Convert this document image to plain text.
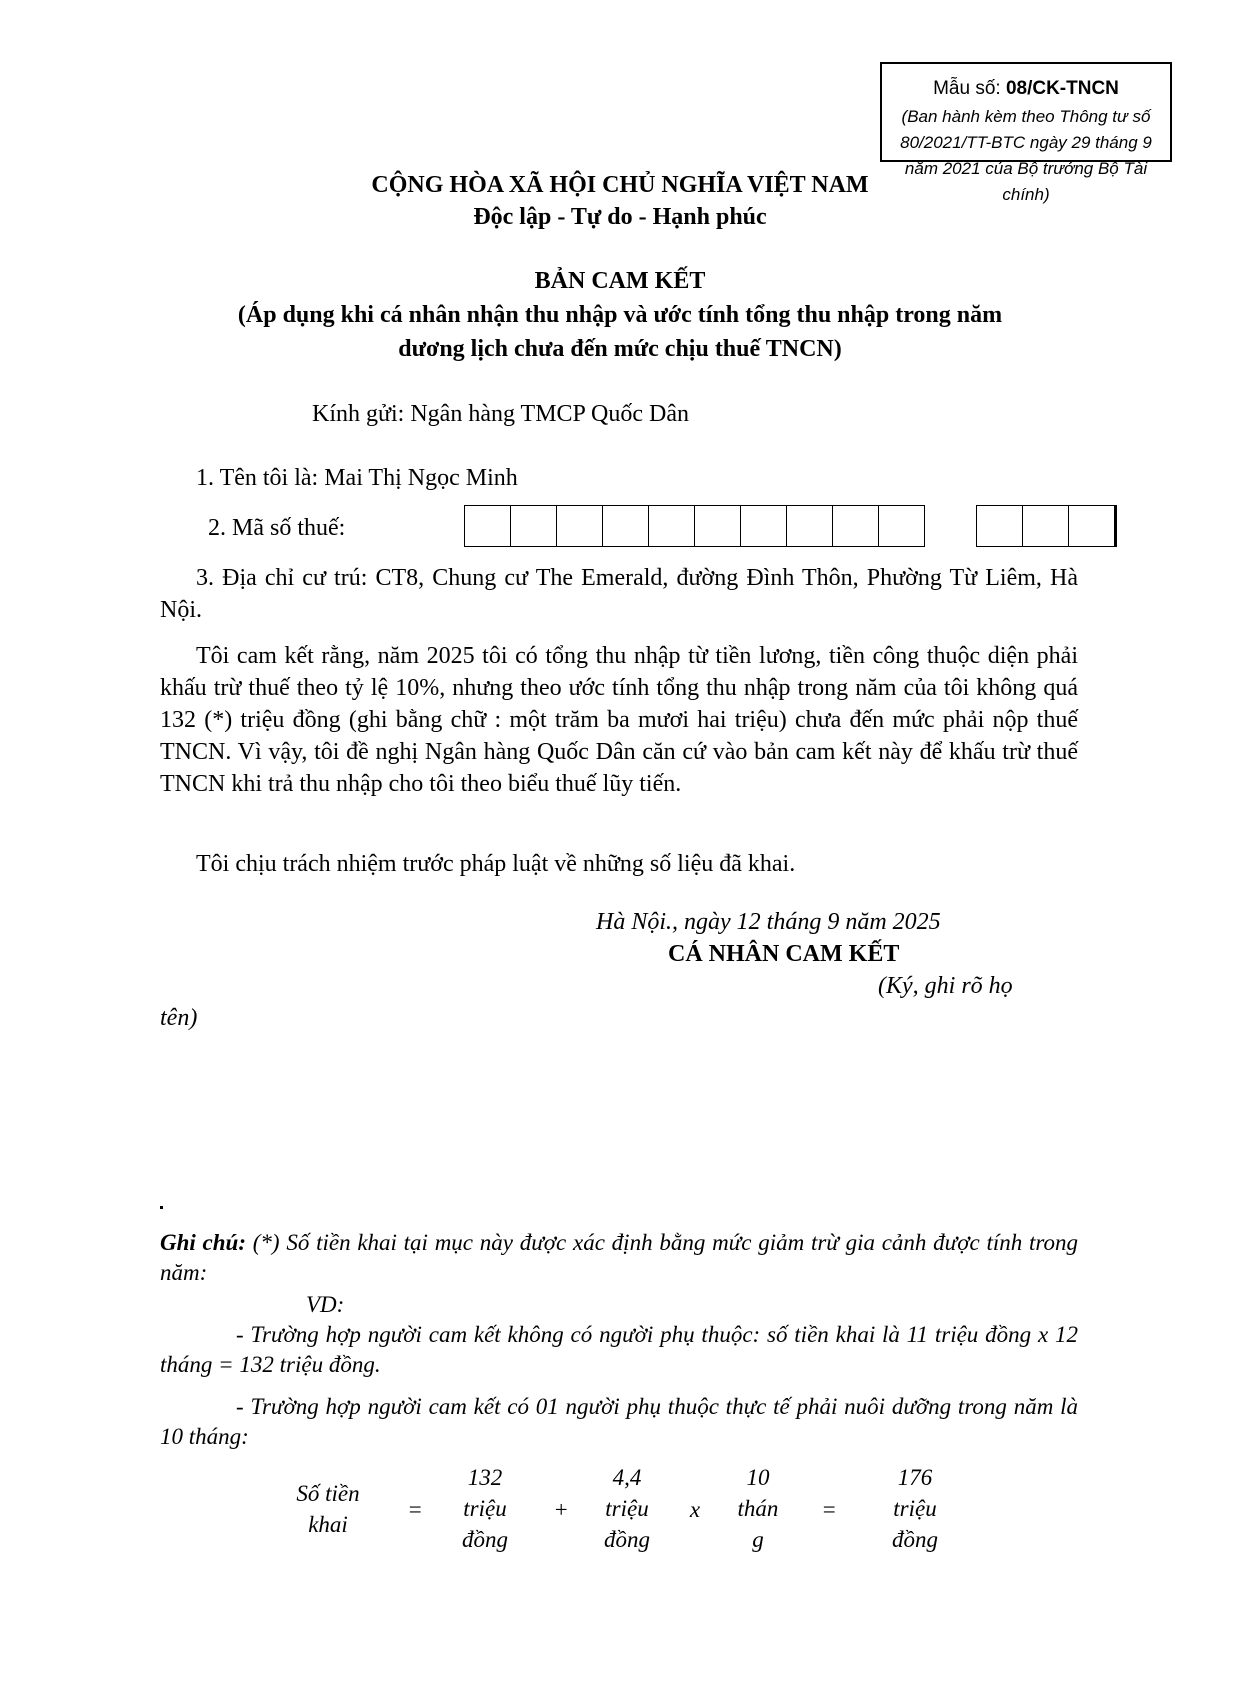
Mẫu số: 08/CK-TNCN
(Ban hành kèm theo Thông tư số 80/2021/TT-BTC ngày 29 tháng 9 năm 2021 của Bộ trưởng Bộ Tài chính)
CỘNG HÒA XÃ HỘI CHỦ NGHĨA VIỆT NAM
Độc lập - Tự do - Hạnh phúc
BẢN CAM KẾT
(Áp dụng khi cá nhân nhận thu nhập và ước tính tổng thu nhập trong năm
dương lịch chưa đến mức chịu thuế TNCN)
Kính gửi: Ngân hàng TMCP Quốc Dân
1. Tên tôi là: Mai Thị Ngọc Minh
2. Mã số thuế:
3. Địa chỉ cư trú: CT8, Chung cư The Emerald, đường Đình Thôn, Phường Từ Liêm, Hà Nội.
Tôi cam kết rằng, năm 2025 tôi có tổng thu nhập từ tiền lương, tiền công thuộc diện phải khấu trừ thuế theo tỷ lệ 10%, nhưng theo ước tính tổng thu nhập trong năm của tôi không quá 132 (*) triệu đồng (ghi bằng chữ : một trăm ba mươi hai triệu) chưa đến mức phải nộp thuế TNCN. Vì vậy, tôi đề nghị Ngân hàng Quốc Dân căn cứ vào bản cam kết này để khấu trừ thuế TNCN khi trả thu nhập cho tôi theo biểu thuế lũy tiến.
Tôi chịu trách nhiệm trước pháp luật về những số liệu đã khai.
Hà Nội., ngày 12 tháng 9 năm 2025
CÁ NHÂN CAM KẾT
(Ký, ghi rõ họ
tên)
Ghi chú: (*) Số tiền khai tại mục này được xác định bằng mức giảm trừ gia cảnh được tính trong năm:
VD:
- Trường hợp người cam kết không có người phụ thuộc: số tiền khai là 11 triệu đồng x 12 tháng = 132 triệu đồng.
- Trường hợp người cam kết có 01 người phụ thuộc thực tế phải nuôi dưỡng trong năm là 10 tháng:
Số tiền
khai
=
132
triệu
đồng
+
4,4
triệu
đồng
x
10
thán
g
=
176
triệu
đồng
